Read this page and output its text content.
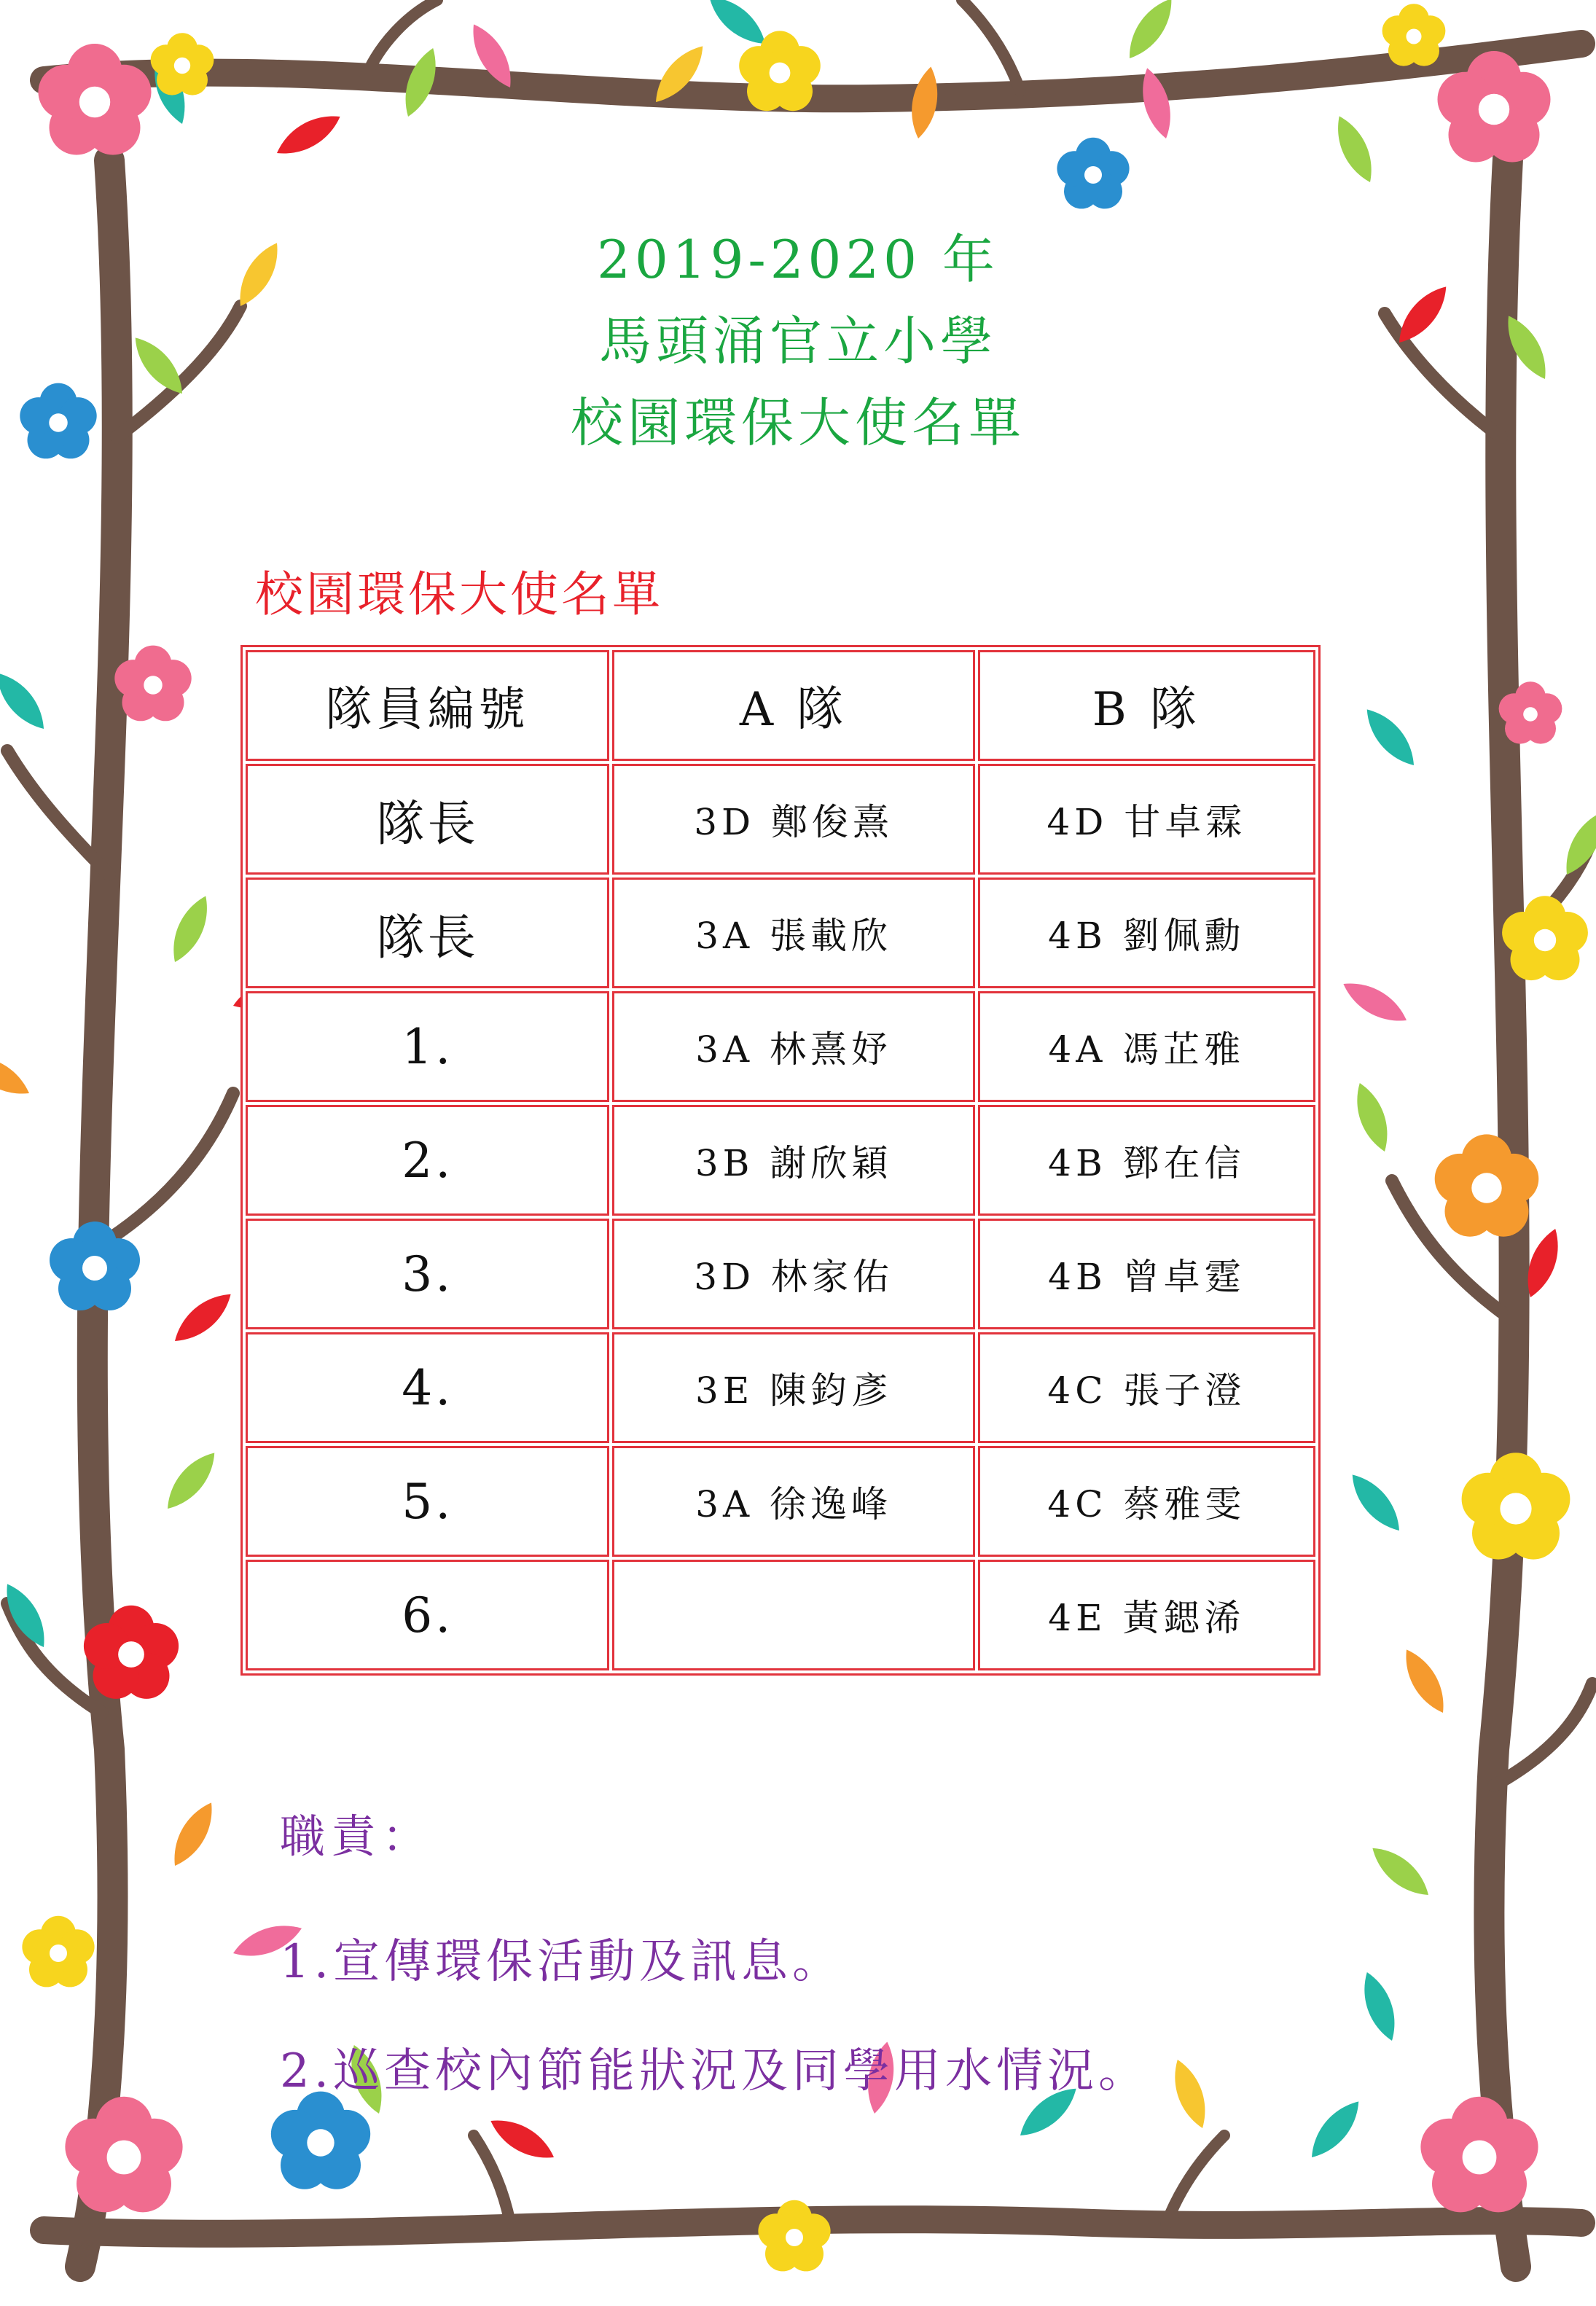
2019-2020 年
馬頭涌官立小學
校園環保大使名單
校園環保大使名單
隊員編號	A 隊	B 隊
隊長	3D 鄭俊熹	4D 甘卓霖
隊長	3A 張載欣	4B 劉佩勳
1.	3A 林熹妤	4A 馮芷雅
2.	3B 謝欣穎	4B 鄧在信
3.	3D 林家佑	4B 曾卓霆
4.	3E 陳鈞彥	4C 張子澄
5.	3A 徐逸峰	4C 蔡雅雯
6.		4E 黃鍶浠
職責：
1.宣傳環保活動及訊息。
2.巡查校內節能狀況及同學用水情況。
